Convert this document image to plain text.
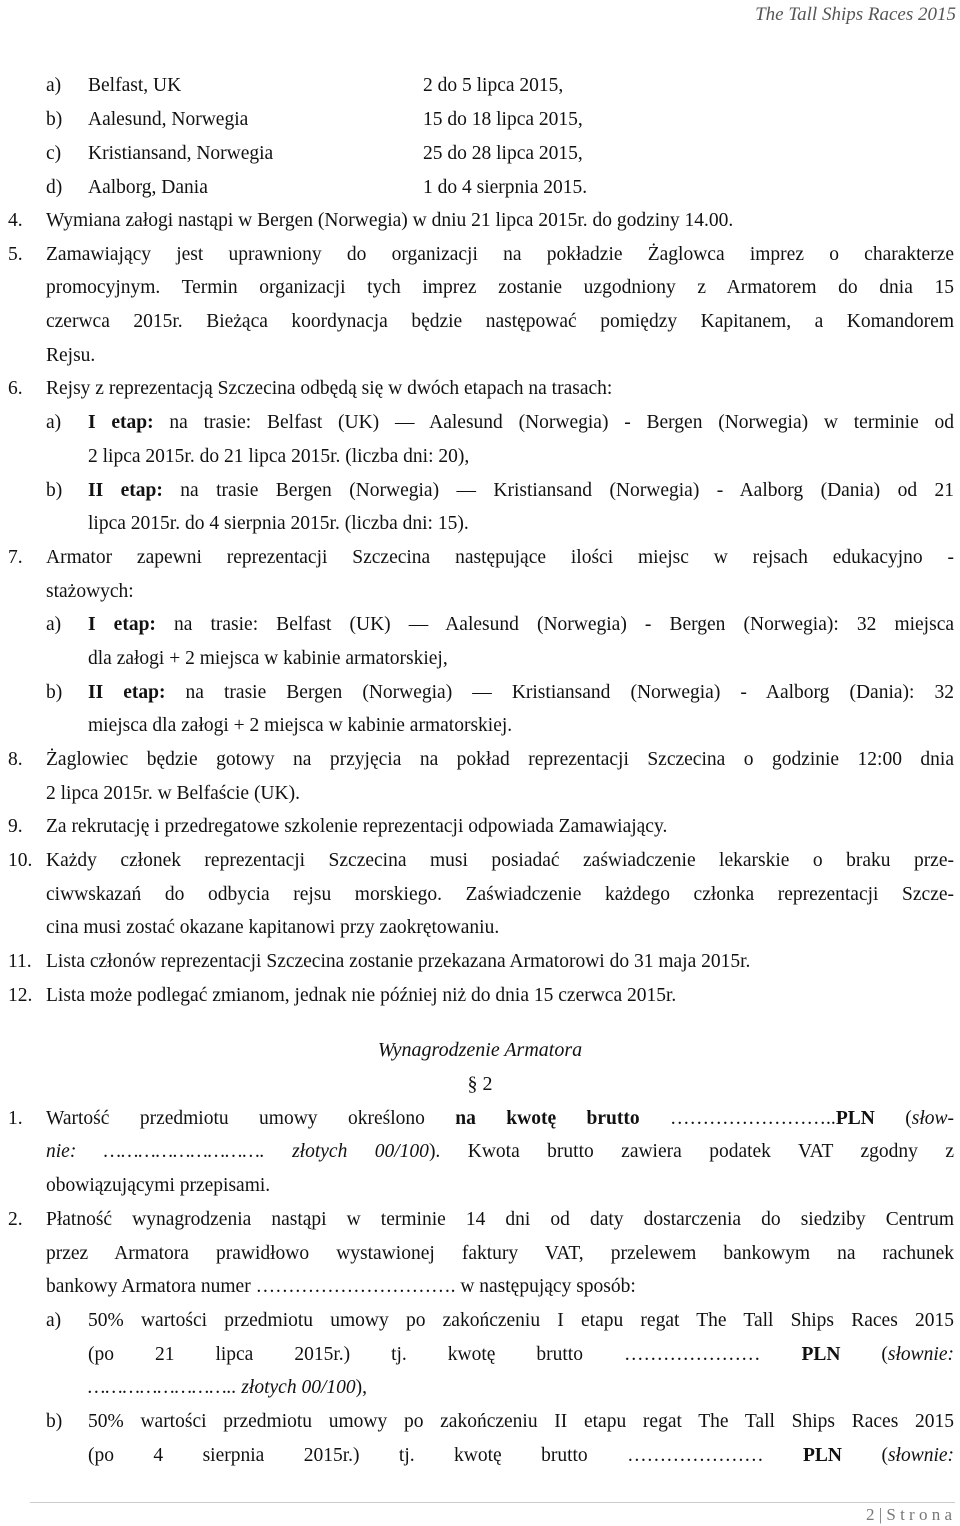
The Tall Ships Races 2015
a) Belfast, UK	2 do 5 lipca 2015,
b) Aalesund, Norwegia	15 do 18 lipca 2015,
c) Kristiansand, Norwegia	25 do 28 lipca 2015,
d) Aalborg, Dania	1 do 4 sierpnia 2015.
4. Wymiana załogi nastąpi w Bergen (Norwegia) w dniu 21 lipca 2015r. do godziny 14.00.
5. Zamawiający jest uprawniony do organizacji na pokładzie Żaglowca imprez o charakterze
promocyjnym. Termin organizacji tych imprez zostanie uzgodniony z Armatorem do dnia 15
czerwca 2015r. Bieżąca koordynacja będzie następować pomiędzy Kapitanem, a Komandorem
Rejsu.
6. Rejsy z reprezentacją Szczecina odbędą się w dwóch etapach na trasach:
a) I etap: na trasie: Belfast (UK) — Aalesund (Norwegia) - Bergen (Norwegia) w terminie od
2 lipca 2015r. do 21 lipca 2015r. (liczba dni: 20),
b) II etap: na trasie Bergen (Norwegia) — Kristiansand (Norwegia) - Aalborg (Dania) od 21
lipca 2015r. do 4 sierpnia 2015r. (liczba dni: 15).
7. Armator zapewni reprezentacji Szczecina następujące ilości miejsc w rejsach edukacyjno -
stażowych:
a) I etap: na trasie: Belfast (UK) — Aalesund (Norwegia) - Bergen (Norwegia): 32 miejsca
dla załogi + 2 miejsca w kabinie armatorskiej,
b) II etap: na trasie Bergen (Norwegia) — Kristiansand (Norwegia) - Aalborg (Dania): 32
miejsca dla załogi + 2 miejsca w kabinie armatorskiej.
8. Żaglowiec będzie gotowy na przyjęcia na pokład reprezentacji Szczecina o godzinie 12:00 dnia
2 lipca 2015r. w Belfaście (UK).
9. Za rekrutację i przedregatowe szkolenie reprezentacji odpowiada Zamawiający.
10. Każdy członek reprezentacji Szczecina musi posiadać zaświadczenie lekarskie o braku prze-
ciwwskazań do odbycia rejsu morskiego. Zaświadczenie każdego członka reprezentacji Szcze-
cina musi zostać okazane kapitanowi przy zaokrętowaniu.
11. Lista członów reprezentacji Szczecina zostanie przekazana Armatorowi do 31 maja 2015r.
12. Lista może podlegać zmianom, jednak nie później niż do dnia 15 czerwca 2015r.
Wynagrodzenie Armatora
§ 2
1. Wartość przedmiotu umowy określono na kwotę brutto ……………………..PLN (słow-
nie: ………………………. złotych 00/100). Kwota brutto zawiera podatek VAT zgodny z
obowiązującymi przepisami.
2. Płatność wynagrodzenia nastąpi w terminie 14 dni od daty dostarczenia do siedziby Centrum
przez Armatora prawidłowo wystawionej faktury VAT, przelewem bankowym na rachunek
bankowy Armatora numer …………………………. w następujący sposób:
a) 50% wartości przedmiotu umowy po zakończeniu I etapu regat The Tall Ships Races 2015
(po 21 lipca 2015r.) tj. kwotę brutto ………………… PLN (słownie:
…………………….. złotych 00/100),
b) 50% wartości przedmiotu umowy po zakończeniu II etapu regat The Tall Ships Races 2015
(po 4 sierpnia 2015r.) tj. kwotę brutto ………………… PLN (słownie:
2 | S t r o n a
